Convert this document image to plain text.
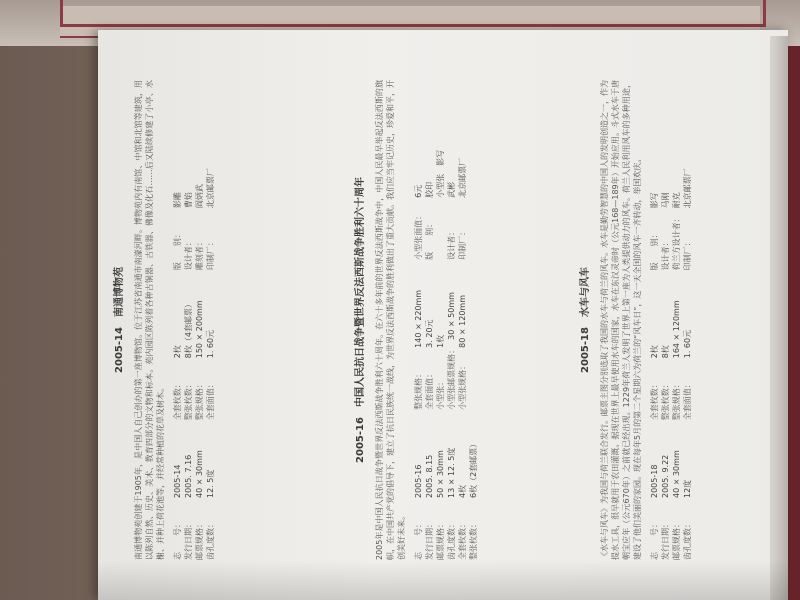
2005-14　南通博物苑 南通博物苑创建于1905年，是中国人自己创办的第一座博物馆。位于江苏省南通市南濠河畔。博物苑内有南馆、中馆和北馆等建筑，用以陈列自然、历史、美术、教育四部分的文物和标本。苑内园区陈列着各种古铜器、古铁器、佛像及化石……后又陆续修建了小亭、水榭、并种上荷花池等，并经常种植的花草及树木。 志　　号：
2005-14
发行日期：
2005. 7.16
邮票规格：
40 × 30mm
齿孔度数：
12. 5度
全套枚数：
2枚
整张枚数：
8枚（4套邮票）
整张规格：
150 × 200mm
全套面值：
1. 60元
版　　别：
影雕
设计者：
曹焰
雕刻者：
阎炳武
印制厂：
北京邮票厂	2005-16　中国人民抗日战争暨世界反法西斯战争胜利六十周年 2005年是中国人民抗日战争暨世界反法西斯战争胜利六十周年。在六十多年前的世界反法西斯战争中，中国人民最早举起反法西斯的旗帜，在中国共产党的倡导下，建立了抗日民族统一战线，为世界反法西斯战争的胜利做出了重大贡献。我们应当牢记历史，珍爱和平，开创美好未来。 志　　号：
2005-16
发行日期：
2005. 8.15
邮票规格：
50 × 30mm
齿孔度数：
13 × 12. 5度
全套枚数：
4枚
整张枚数：
6枚（2套邮票）
整张规格：
140 × 220mm
全套面值：
3. 20元
小型张：
1枚
小型张邮票规格：
30 × 50mm
小型张规格：
80 × 120mm
小型张面值：
6元
版　　别：
胶印 小型张　影写
设计者：
武彬
印制厂：
北京邮票厂
2005-18　水车与风车 《水车与风车》为我国与荷兰联合发行。邮票主图分别选取了我国的水车与荷兰的风车。水车是勤劳智慧的中国人的发明创造之一，作为提水工具，很早就用于农田灌溉。据现在世界上最早使用水车的国家，水车在东汉灵帝时（公元168—189年）开始应用。斗式水车于唐朝宝应年（公元670年）之前就已经出现。1229年荷兰人发明了世界上第一座为人类提供动力的风车。荷兰人民利用风车的多种用途，建设了他们美丽的家园。现在每年5月的第二个星期六为荷兰的“风车日”，这一天全国的风车一齐转动，举国欢庆。 志　　号：
2005-18
发行日期：
2005. 9.22
邮票规格：
40 × 30mm
齿孔度数：
12度
全套枚数：
2枚
整张枚数：
8枚
整张规格：
164 × 120mm
全套面值：
1. 60元
版　　别：
影写
设计者：
马刚
荷兰方设计者：
耐克
印制厂：
北京邮票厂
